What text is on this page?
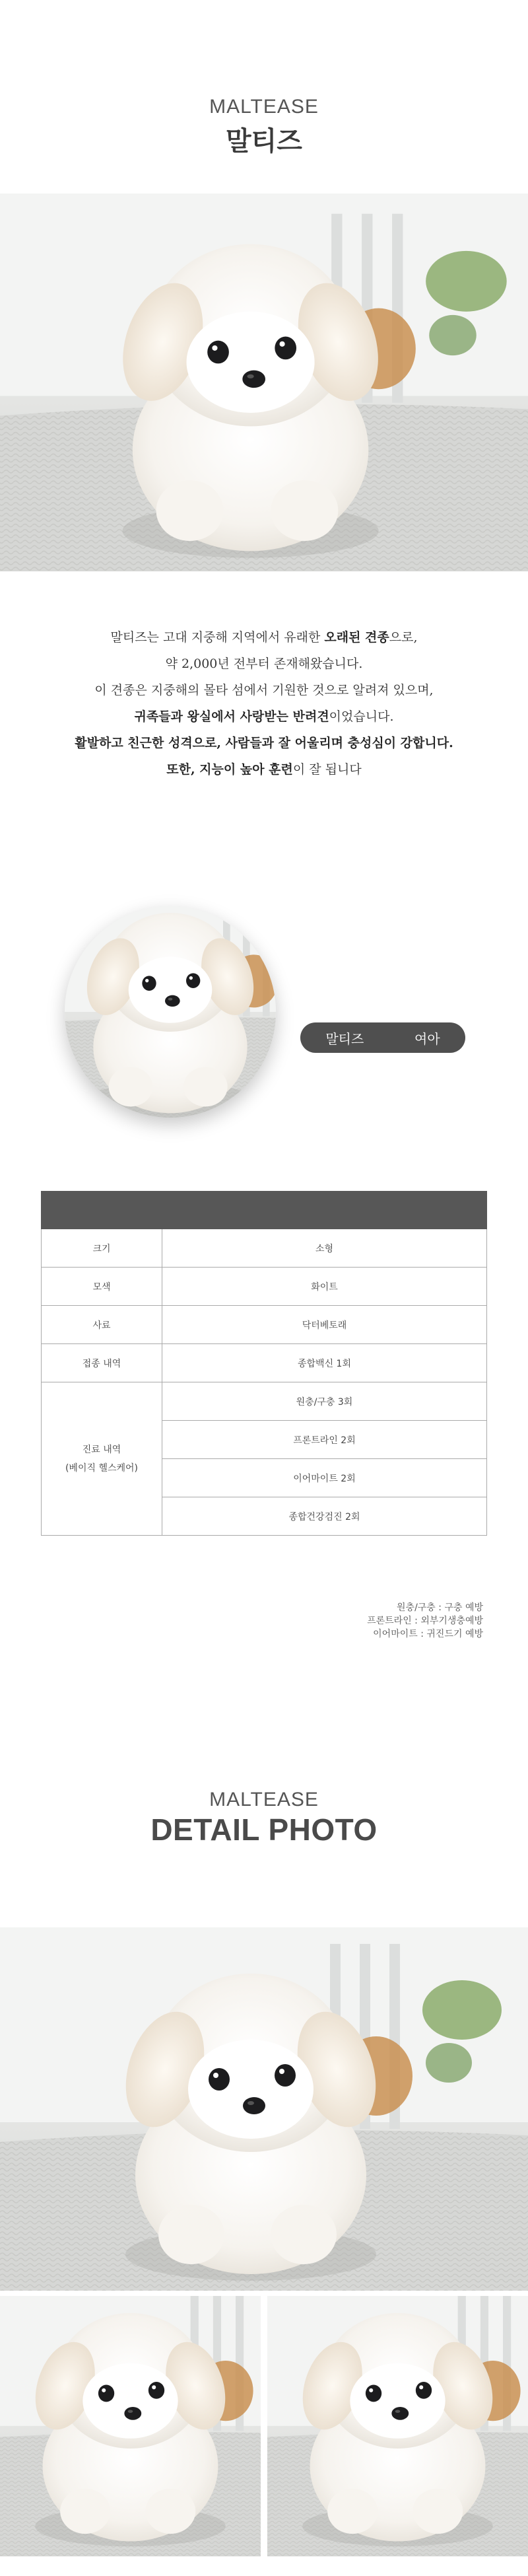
MALTEASE
말티즈
말티즈는 고대 지중해 지역에서 유래한 오래된 견종으로,
약 2,000년 전부터 존재해왔습니다.
이 견종은 지중해의 몰타 섬에서 기원한 것으로 알려져 있으며,
귀족들과 왕실에서 사랑받는 반려견이었습니다.
활발하고 친근한 성격으로, 사람들과 잘 어울리며 충성심이 강합니다.
또한, 지능이 높아 훈련이 잘 됩니다
말티즈	여아

크기	소형
모색	화이트
사료	닥터베토래
접종 내역	종합백신 1회

진료 내역
(베이직 헬스케어)	원충/구충 3회
	프론트라인 2회
	이어마이트 2회
	종합건강검진 2회
원충/구충 : 구충 예방
프론트라인 : 외부기생충예방
이어마이트 : 귀진드기 예방
MALTEASE
DETAIL PHOTO
